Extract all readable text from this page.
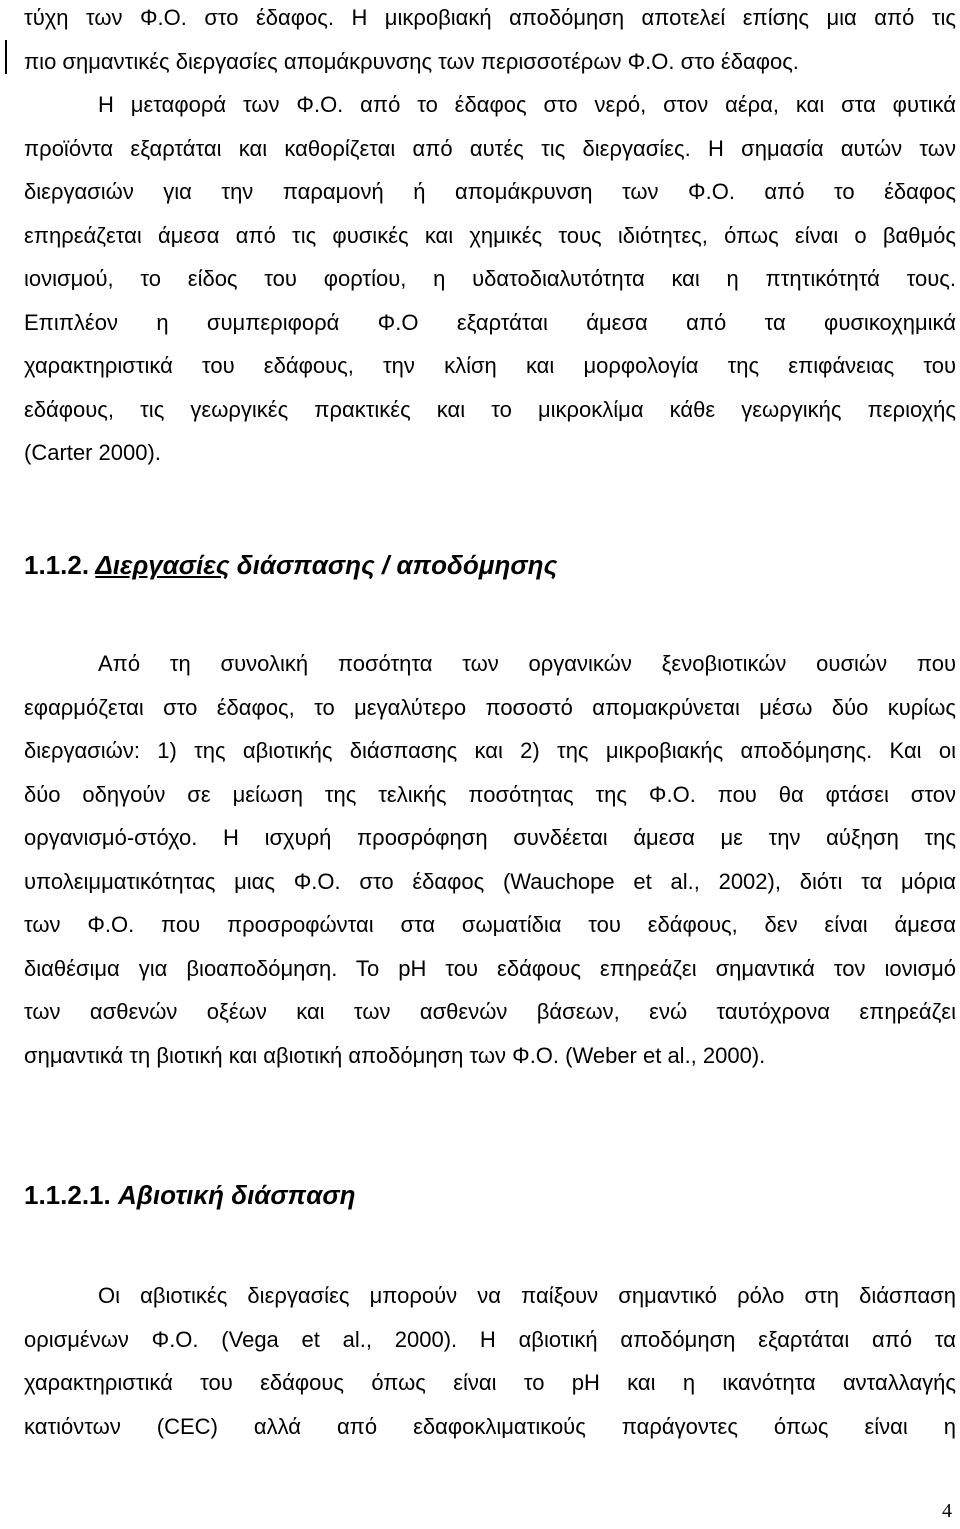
τύχη των Φ.Ο. στο έδαφος. Η μικροβιακή αποδόμηση αποτελεί επίσης μια από τις
πιο σημαντικές διεργασίες απομάκρυνσης των περισσοτέρων Φ.Ο. στο έδαφος.
Η μεταφορά των Φ.Ο. από το έδαφος στο νερό, στον αέρα, και στα φυτικά
προϊόντα εξαρτάται και καθορίζεται από αυτές τις διεργασίες. Η σημασία αυτών των
διεργασιών για την παραμονή ή απομάκρυνση των Φ.Ο. από το έδαφος
επηρεάζεται άμεσα από τις φυσικές και χημικές τους ιδιότητες, όπως είναι ο βαθμός
ιονισμού, το είδος του φορτίου, η υδατοδιαλυτότητα και η πτητικότητά τους.
Επιπλέον η συμπεριφορά Φ.Ο εξαρτάται άμεσα από τα φυσικοχημικά
χαρακτηριστικά του εδάφους, την κλίση και μορφολογία της επιφάνειας του
εδάφους, τις γεωργικές πρακτικές και το μικροκλίμα κάθε γεωργικής περιοχής
(Carter 2000).
1.1.2. Διεργασίες διάσπασης / αποδόμησης
Από τη συνολική ποσότητα των οργανικών ξενοβιοτικών ουσιών που
εφαρμόζεται στο έδαφος, το μεγαλύτερο ποσοστό απομακρύνεται μέσω δύο κυρίως
διεργασιών: 1) της αβιοτικής διάσπασης και 2) της μικροβιακής αποδόμησης. Και οι
δύο οδηγούν σε μείωση της τελικής ποσότητας της Φ.Ο. που θα φτάσει στον
οργανισμό-στόχο. Η ισχυρή προσρόφηση συνδέεται άμεσα με την αύξηση της
υπολειμματικότητας μιας Φ.Ο. στο έδαφος (Wauchope et al., 2002), διότι τα μόρια
των Φ.Ο. που προσροφώνται στα σωματίδια του εδάφους, δεν είναι άμεσα
διαθέσιμα για βιοαποδόμηση. Το pH του εδάφους επηρεάζει σημαντικά τον ιονισμό
των ασθενών οξέων και των ασθενών βάσεων, ενώ ταυτόχρονα επηρεάζει
σημαντικά τη βιοτική και αβιοτική αποδόμηση των Φ.Ο. (Weber et al., 2000).
1.1.2.1. Αβιοτική διάσπαση
Οι αβιοτικές διεργασίες μπορούν να παίξουν σημαντικό ρόλο στη διάσπαση
ορισμένων Φ.Ο. (Vega et al., 2000). Η αβιοτική αποδόμηση εξαρτάται από τα
χαρακτηριστικά του εδάφους όπως είναι το pH και η ικανότητα ανταλλαγής
κατιόντων (CEC) αλλά από εδαφοκλιματικούς παράγοντες όπως είναι η
4
